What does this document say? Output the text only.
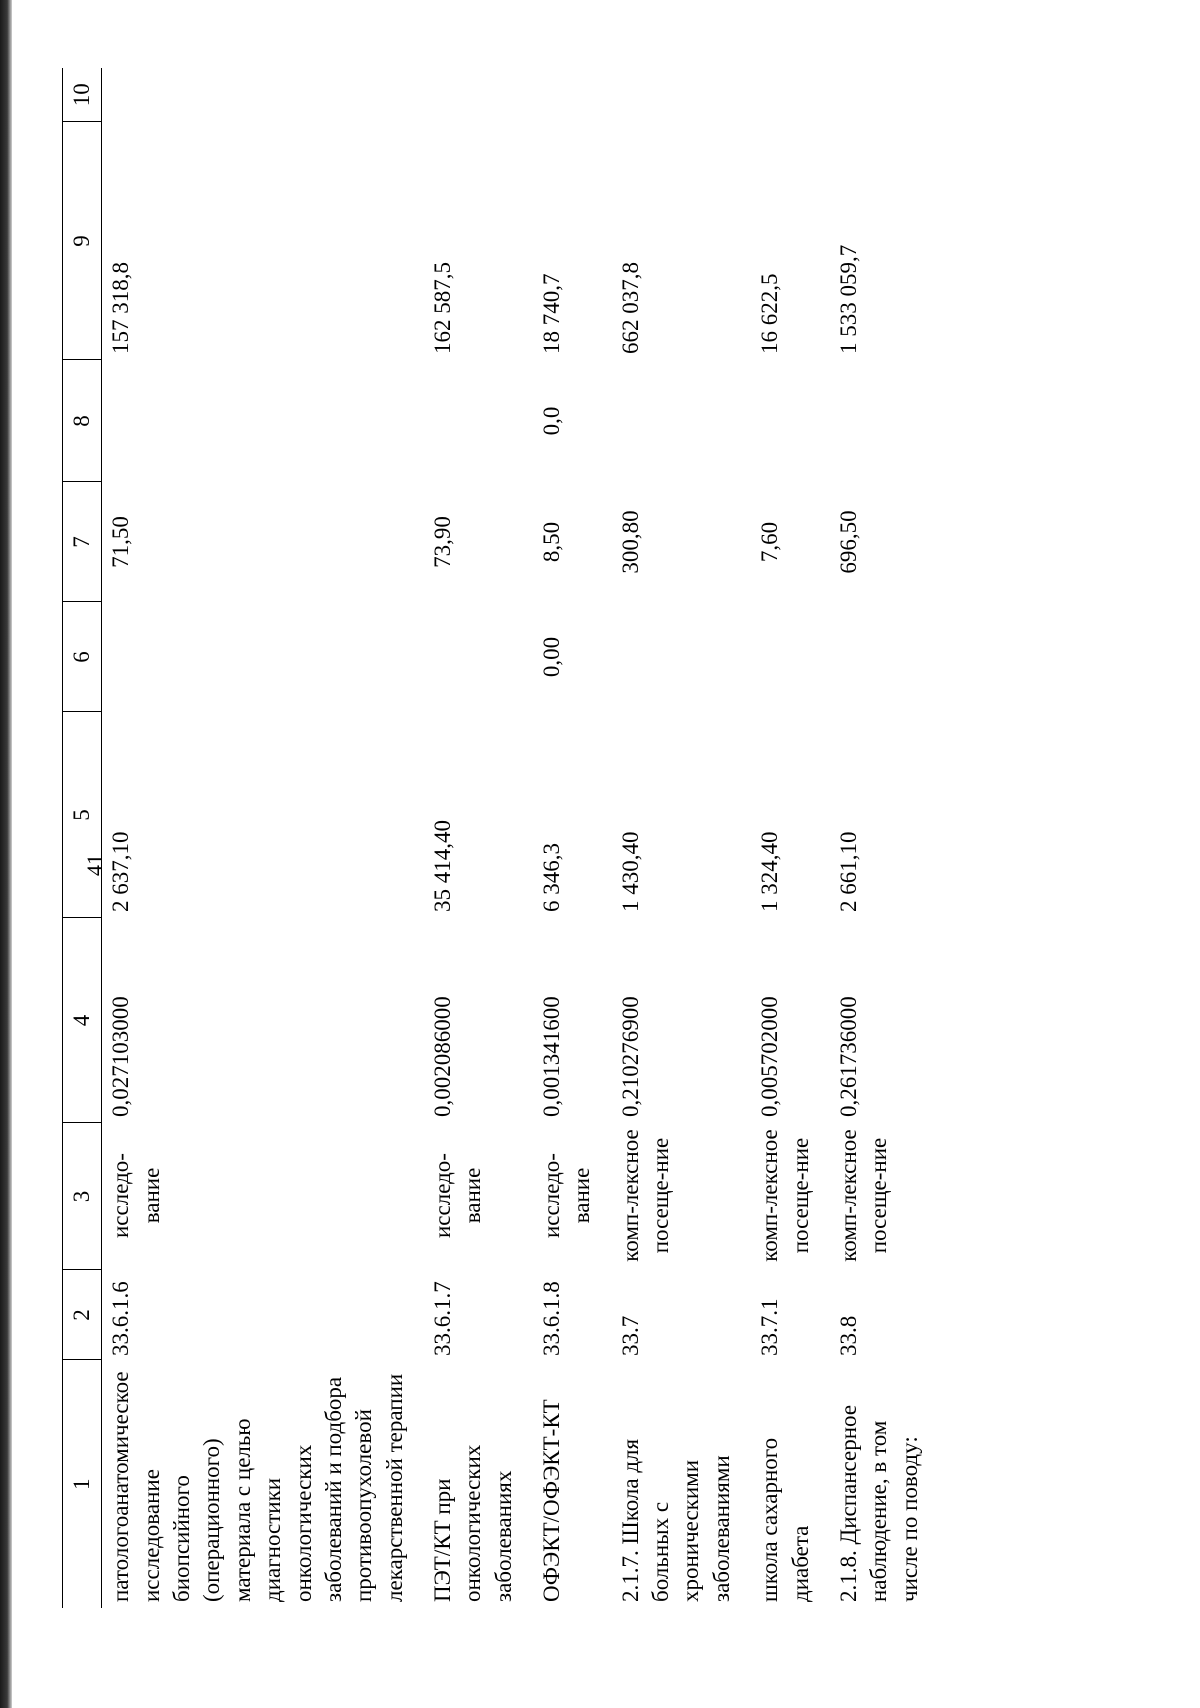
41
1	2	3	4	5	6	7	8	9	10
патологоанатомическое исследование биопсийного (операционного) материала с целью диагностики онкологических заболеваний и подбора противоопухолевой лекарственной терапии	33.6.1.6	исследо-вание	0,027103000	2 637,10		71,50		157 318,8	
ПЭТ/КТ при онкологических заболеваниях	33.6.1.7	исследо-вание	0,002086000	35 414,40		73,90		162 587,5	
ОФЭКТ/ОФЭКТ-КТ	33.6.1.8	исследо-вание	0,001341600	6 346,3	0,00	8,50	0,0	18 740,7	
2.1.7. Школа для больных с хроническими заболеваниями	33.7	комп-лексное посеще-ние	0,210276900	1 430,40		300,80		662 037,8	
школа сахарного диабета	33.7.1	комп-лексное посеще-ние	0,005702000	1 324,40		7,60		16 622,5	
2.1.8. Диспансерное наблюдение, в том числе по поводу:	33.8	комп-лексное посеще-ние	0,261736000	2 661,10		696,50		1 533 059,7	
